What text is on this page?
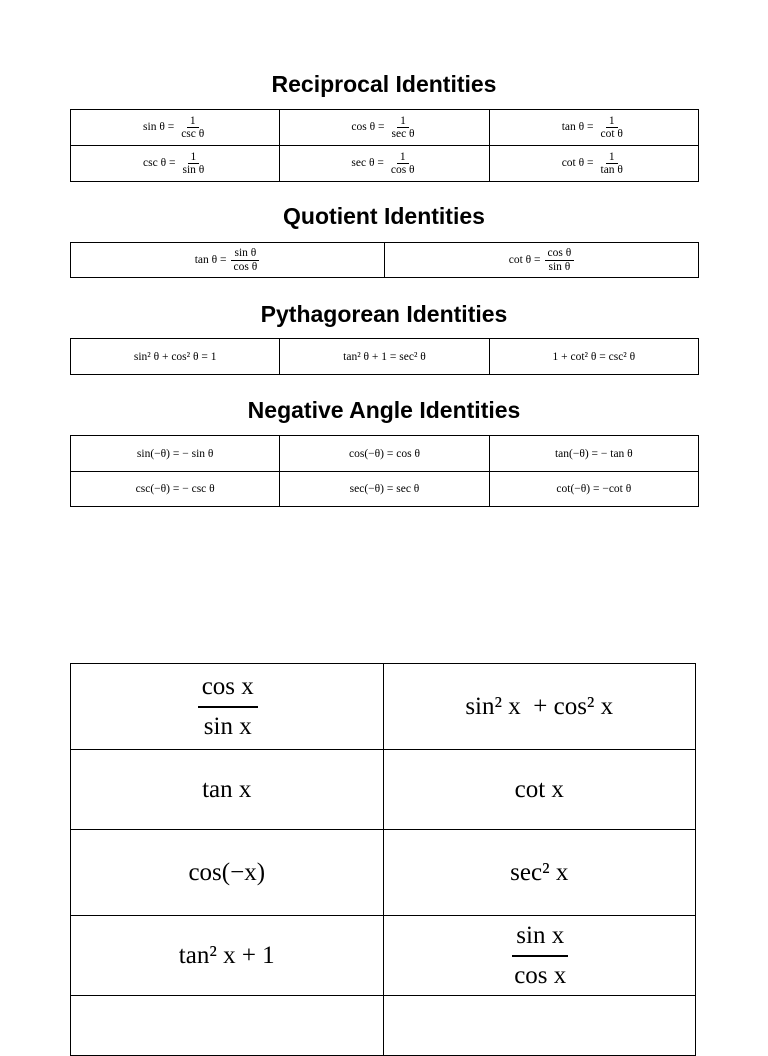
Reciprocal Identities
$\sin \theta = \frac{1}{\text{csc θ}}$	$\cos \theta = \frac{1}{\text{sec θ}}$	$\tan \theta = \frac{1}{\text{cot θ}}$

$\csc \theta = \frac{1}{\text{sin θ}}$	$\sec \theta = \frac{1}{\text{cos θ}}$	$\cot \theta = \frac{1}{\text{tan θ}}$
Quotient Identities
$\tan \theta = \frac{\text{sin θ}}{\text{cos θ}}$	$\cot \theta = \frac{\text{cos θ}}{\text{sin θ}}$
Pythagorean Identities
sin² θ + cos² θ = 1	tan² θ + 1 = sec² θ	1 + cot² θ = csc² θ
Negative Angle Identities
sin(−θ) = − sin θ	cos(−θ) = cos θ	tan(−θ) = − tan θ
csc(−θ) = − csc θ	sec(−θ) = sec θ	cot(−θ) = −cot θ
$\frac{\text{cos x}}{\text{sin x}}$	sin² x  + cos² x
tan x	cot x
cos(−x)	sec² x
tan² x + 1	$\frac{\text{sin x}}{\text{cos x}}$
